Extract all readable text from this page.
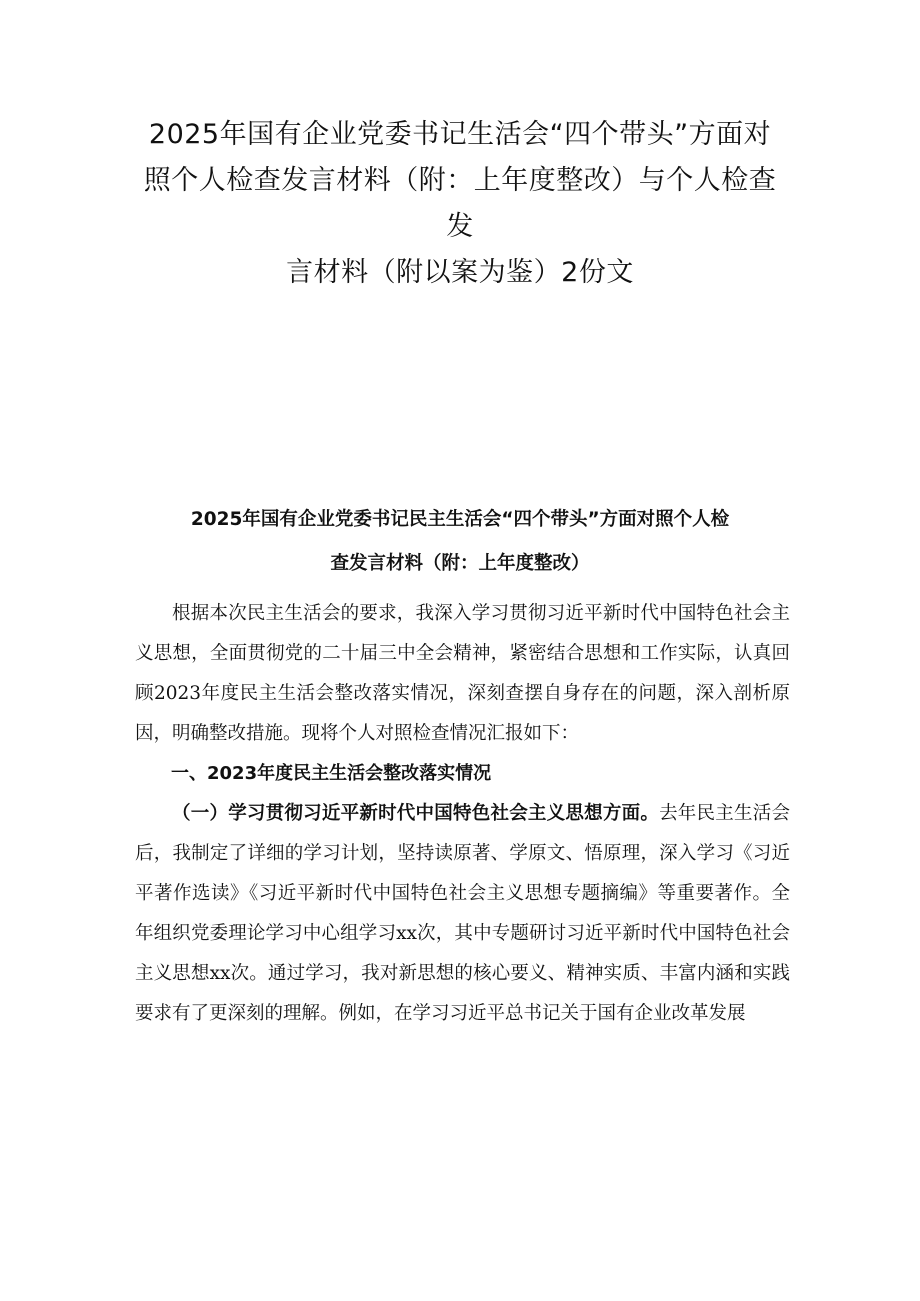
2025年国有企业党委书记生活会“四个带头”方面对
照个人检查发言材料（附：上年度整改）与个人检查
发
言材料（附以案为鉴）2份文
2025年国有企业党委书记民主生活会“四个带头”方面对照个人检
查发言材料（附：上年度整改）

根据本次民主生活会的要求，我深入学习贯彻习近平新时代中国特色社会主义思想，全面贯彻党的二十届三中全会精神，紧密结合思想和工作实际，认真回顾2023年度民主生活会整改落实情况，深刻查摆自身存在的问题，深入剖析原因，明确整改措施。现将个人对照检查情况汇报如下：

一、2023年度民主生活会整改落实情况

（一）学习贯彻习近平新时代中国特色社会主义思想方面。去年民主生活会后，我制定了详细的学习计划，坚持读原著、学原文、悟原理，深入学习《习近平著作选读》《习近平新时代中国特色社会主义思想专题摘编》等重要著作。全年组织党委理论学习中心组学习xx次，其中专题研讨习近平新时代中国特色社会主义思想xx次。通过学习，我对新思想的核心要义、精神实质、丰富内涵和实践要求有了更深刻的理解。例如，在学习习近平总书记关于国有企业改革发展
